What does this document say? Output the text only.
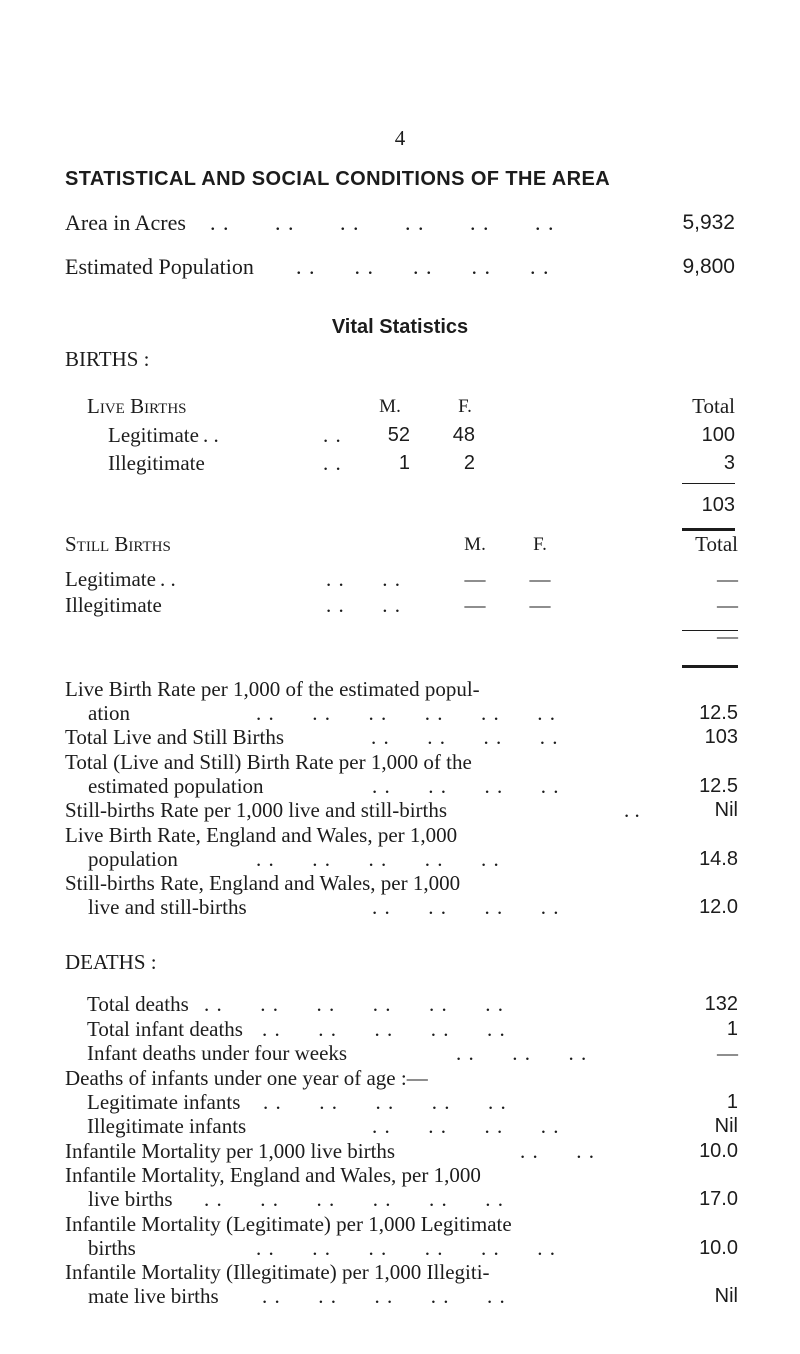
4
STATISTICAL AND SOCIAL CONDITIONS OF THE AREA
Area in Acres . .       . .       . .       . .       . .       . .	5,932
Estimated Population . .      . .      . .      . .      . .	9,800
Vital Statistics
BIRTHS :
Live Births	M.	F.	Total
Legitimate . .	. .	52	48	100
Illegitimate	. .	1	2	3
103
Still Births	M.	F.	Total
Legitimate . .	. .      . .	—	—	—
Illegitimate	. .      . .	—	—	—
—
Live Birth Rate per 1,000 of the estimated popul-
ation	. .      . .      . .      . .      . .      . .	12.5
Total Live and Still Births	. .      . .      . .      . .	103
Total (Live and Still) Birth Rate per 1,000 of the
estimated population	. .      . .      . .      . .	12.5
Still-births Rate per 1,000 live and still-births	. .	Nil
Live Birth Rate, England and Wales, per 1,000
population	. .      . .      . .      . .      . .	14.8
Still-births Rate, England and Wales, per 1,000
live and still-births	. .      . .      . .      . .	12.0
DEATHS :
Total deaths . .      . .      . .      . .      . .      . .	132
Total infant deaths . .      . .      . .      . .      . .	1
Infant deaths under four weeks	. .      . .      . .	—
Deaths of infants under one year of age :—
Legitimate infants . .      . .      . .      . .      . .	1
Illegitimate infants	. .      . .      . .      . .	Nil
Infantile Mortality per 1,000 live births	. .      . .	10.0
Infantile Mortality, England and Wales, per 1,000
live births . .      . .      . .      . .      . .      . .	17.0
Infantile Mortality (Legitimate) per 1,000 Legitimate
births	. .      . .      . .      . .      . .      . .	10.0
Infantile Mortality (Illegitimate) per 1,000 Illegiti-
mate live births . .      . .      . .      . .      . .	Nil
